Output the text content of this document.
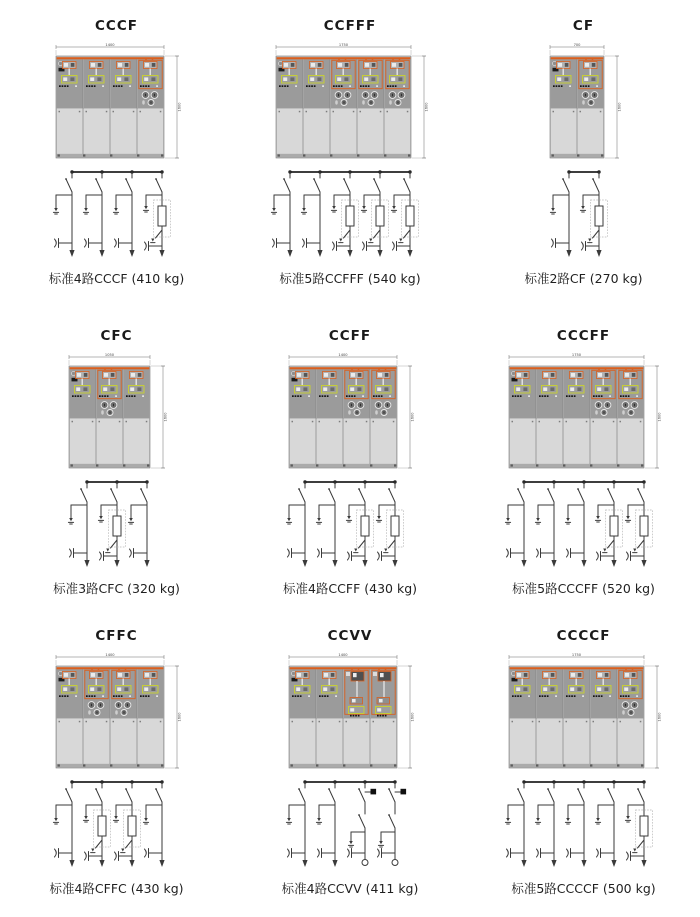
CCCF
1400
1600
标准4路CCCF (410 kg)
CCFFF
1750
1600
标准5路CCFFF (540 kg)
CF
700
1600
标准2路CF (270 kg)
CFC
1050
1600
标准3路CFC (320 kg)
CCFF
1400
1600
标准4路CCFF (430 kg)
CCCFF
1750
1600
标准5路CCCFF (520 kg)
CFFC
1400
1600
标准4路CFFC (430 kg)
CCVV
1400
1600
标准4路CCVV (411 kg)
CCCCF
1750
1600
标准5路CCCCF (500 kg)
